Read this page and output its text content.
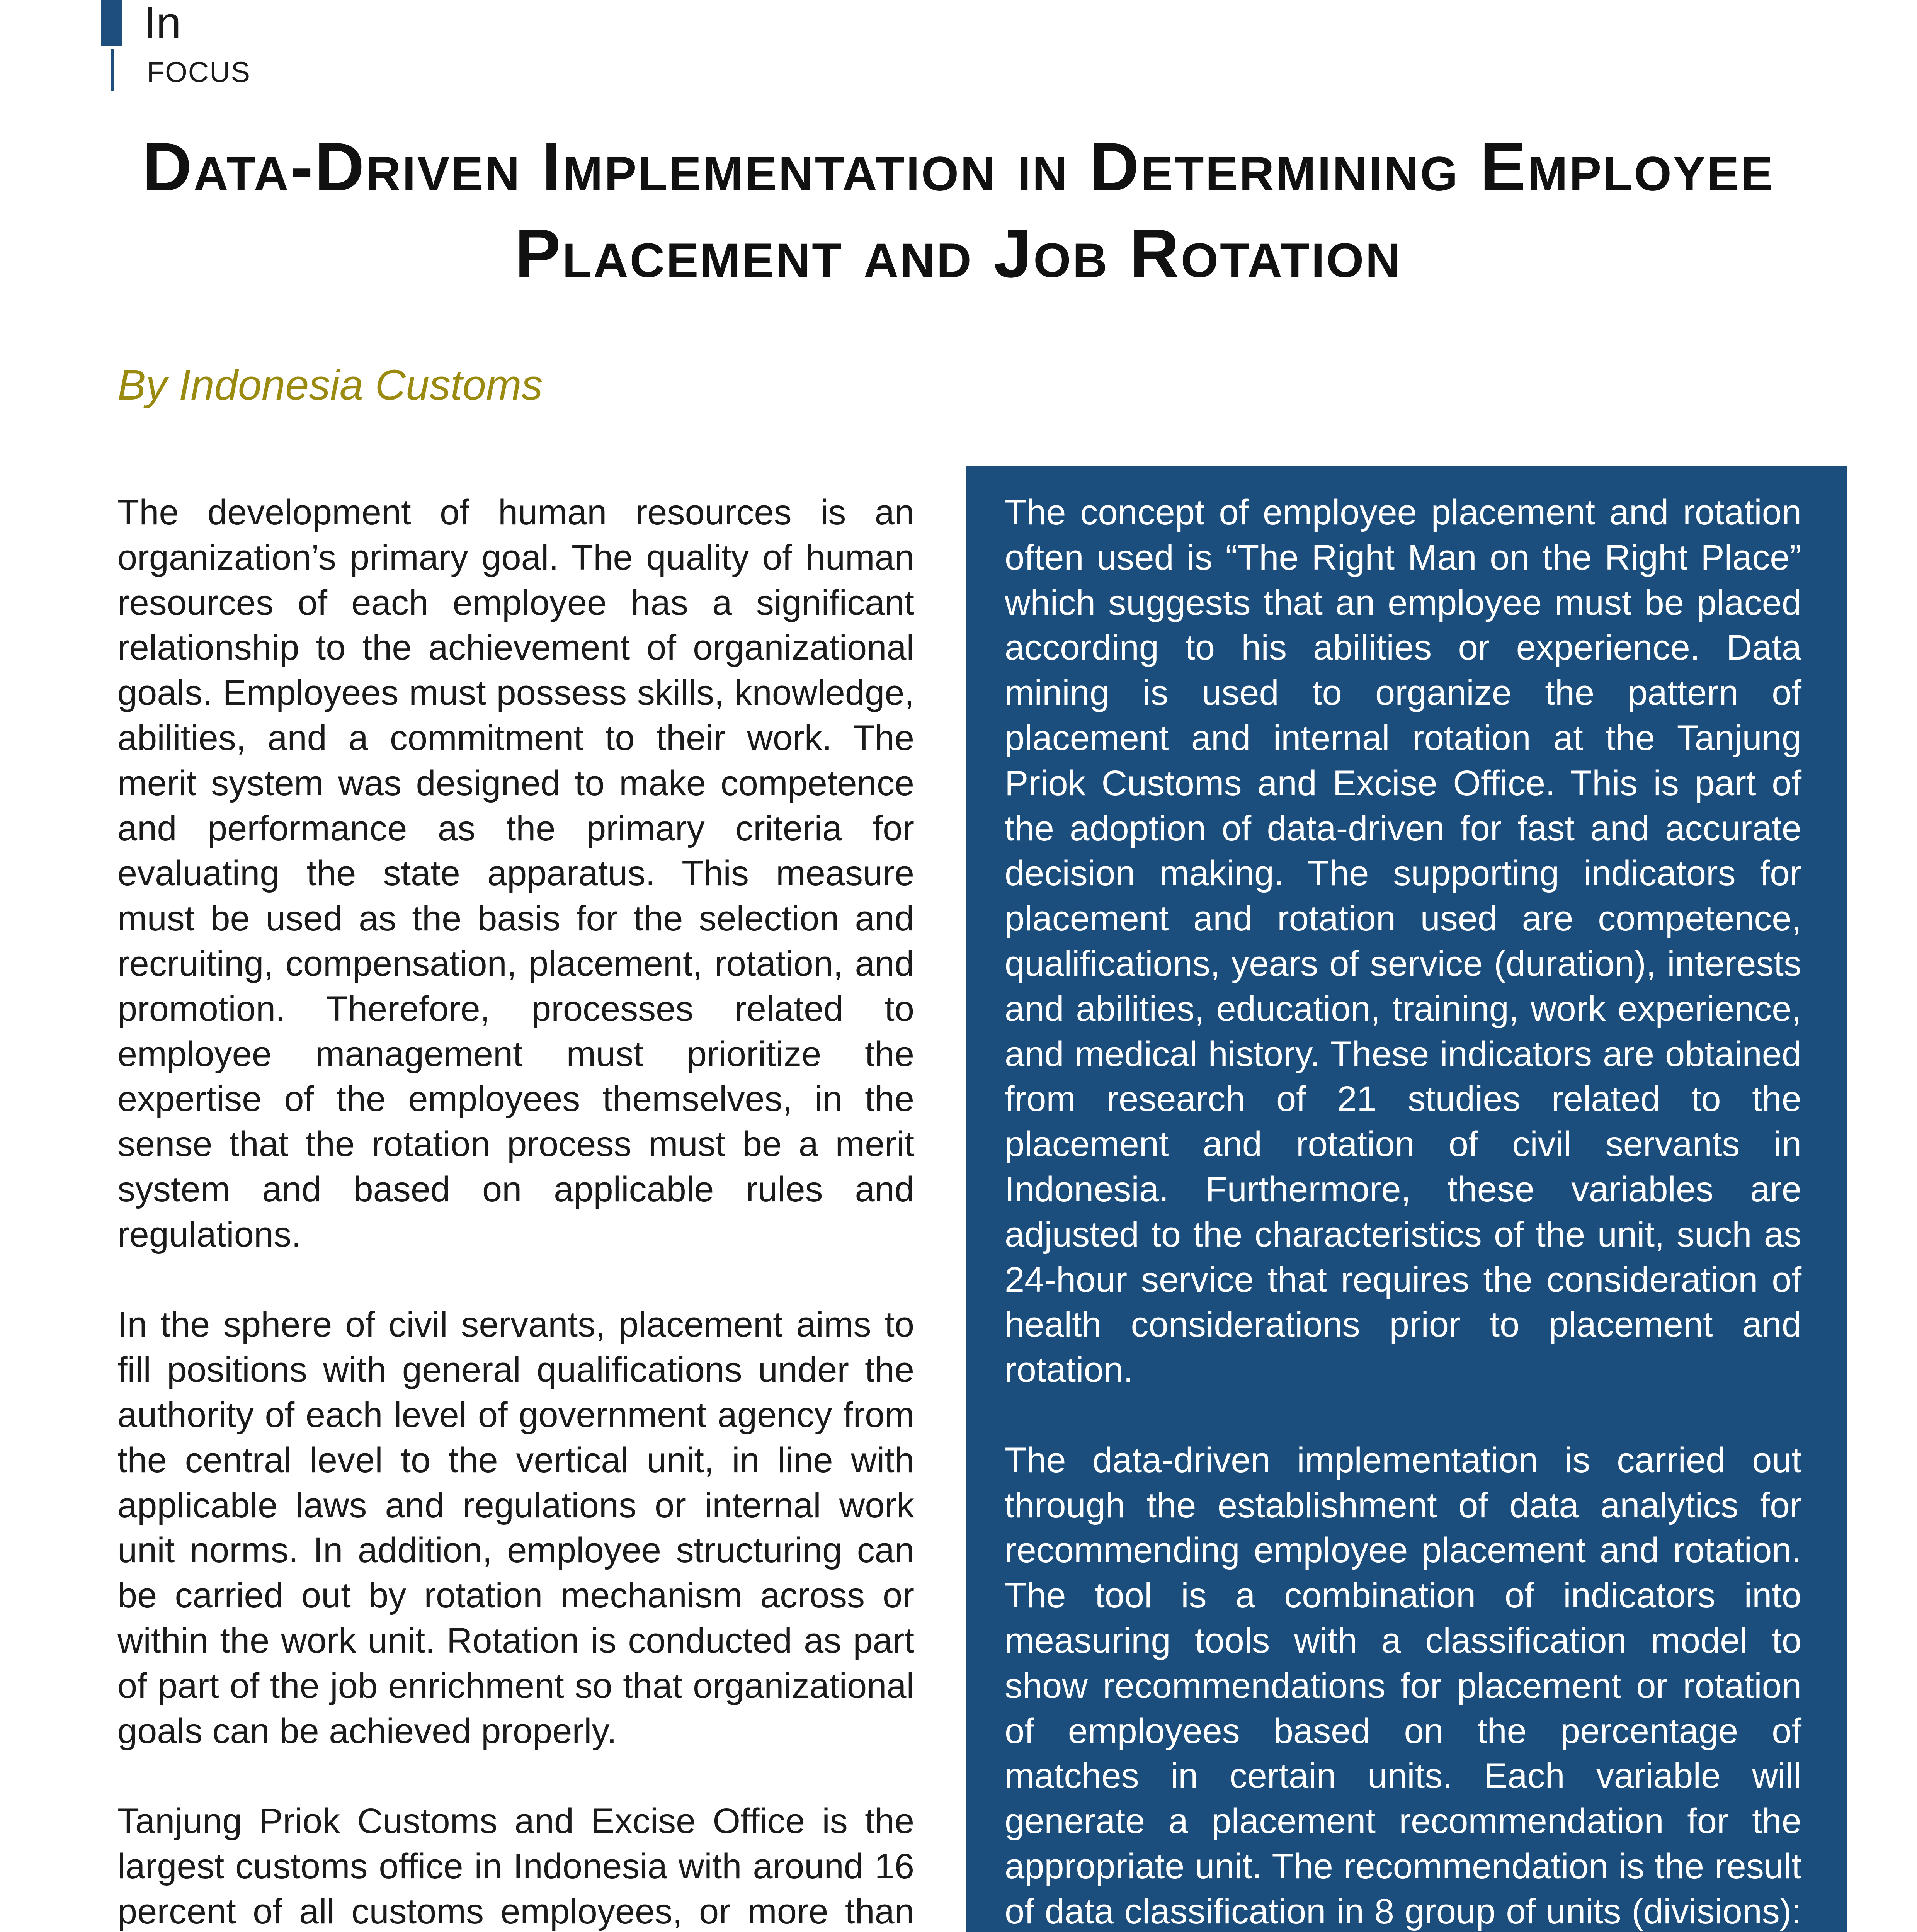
In
FOCUS
Data-Driven Implementation in Determining Employee Placement and Job Rotation
By Indonesia Customs

The development of human resources is an organization’s primary goal. The quality of human resources of each employee has a significant relationship to the achievement of organizational goals. Employees must possess skills, knowledge, abilities, and a commitment to their work. The merit system was designed to make competence and performance as the primary criteria for evaluating the state apparatus. This measure must be used as the basis for the selection and recruiting, compensation, placement, rotation, and promotion. Therefore, processes related to employee management must prioritize the expertise of the employees themselves, in the sense that the rotation process must be a merit system and based on applicable rules and regulations.

In the sphere of civil servants, placement aims to fill positions with general qualifications under the authority of each level of government agency from the central level to the vertical unit, in line with applicable laws and regulations or internal work unit norms. In addition, employee structuring can be carried out by rotation mechanism across or within the work unit. Rotation is conducted as part of part of the job enrichment so that organizational goals can be achieved properly.

Tanjung Priok Customs and Excise Office is the largest customs office in Indonesia with around 16 percent of all customs employees, or more than

The concept of employee placement and rotation often used is “The Right Man on the Right Place” which suggests that an employee must be placed according to his abilities or experience. Data mining is used to organize the pattern of placement and internal rotation at the Tanjung Priok Customs and Excise Office. This is part of the adoption of data-driven for fast and accurate decision making. The supporting indicators for placement and rotation used are competence, qualifications, years of service (duration), interests and abilities, education, training, work experience, and medical history. These indicators are obtained from research of 21 studies related to the placement and rotation of civil servants in Indonesia. Furthermore, these variables are adjusted to the characteristics of the unit, such as 24-hour service that requires the consideration of health considerations prior to placement and rotation.

The data-driven implementation is carried out through the establishment of data analytics for recommending employee placement and rotation. The tool is a combination of indicators into measuring tools with a classification model to show recommendations for placement or rotation of employees based on the percentage of matches in certain units. Each variable will generate a placement recommendation for the appropriate unit. The recommendation is the result of data classification in 8 group of units (divisions):
